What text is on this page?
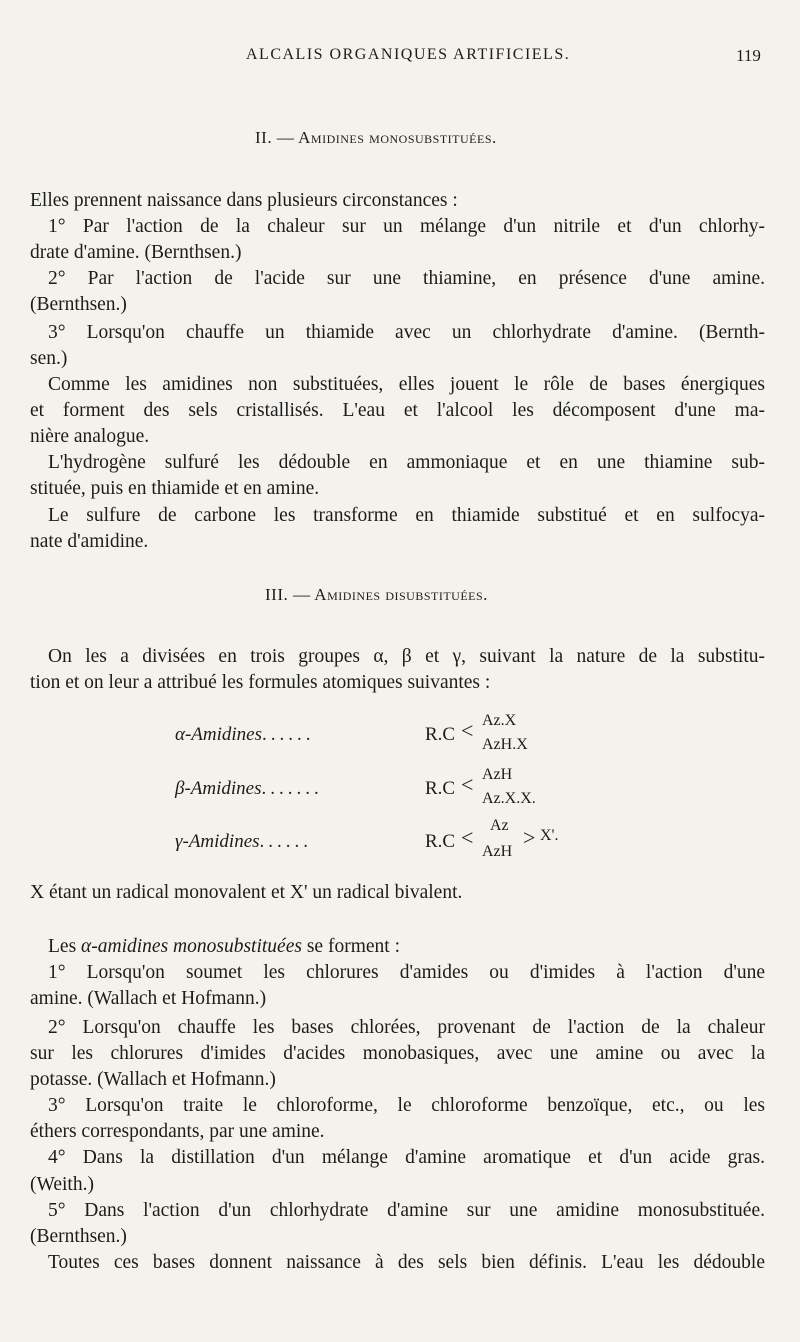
ALCALIS ORGANIQUES ARTIFICIELS.	119
II. — Amidines monosubstituées.
Elles prennent naissance dans plusieurs circonstances :
1° Par l'action de la chaleur sur un mélange d'un nitrile et d'un chlorhy-
drate d'amine. (Bernthsen.)
2° Par l'action de l'acide sur une thiamine, en présence d'une amine.
(Bernthsen.)
3° Lorsqu'on chauffe un thiamide avec un chlorhydrate d'amine. (Bernth-
sen.)
Comme les amidines non substituées, elles jouent le rôle de bases énergiques
et forment des sels cristallisés. L'eau et l'alcool les décomposent d'une ma-
nière analogue.
L'hydrogène sulfuré les dédouble en ammoniaque et en une thiamine sub-
stituée, puis en thiamide et en amine.
Le sulfure de carbone les transforme en thiamide substitué et en sulfocya-
nate d'amidine.
III. — Amidines disubstituées.
On les a divisées en trois groupes α, β et γ, suivant la nature de la substitu-
tion et on leur a attribué les formules atomiques suivantes :
α-Amidines......	R.C < Az.X
AzH.X
β-Amidines.......	R.C < AzH
Az.X.X.
γ-Amidines......	R.C < Az
AzH
> X'.
X étant un radical monovalent et X' un radical bivalent.
Les α-amidines monosubstituées se forment :
1° Lorsqu'on soumet les chlorures d'amides ou d'imides à l'action d'une
amine. (Wallach et Hofmann.)
2° Lorsqu'on chauffe les bases chlorées, provenant de l'action de la chaleur
sur les chlorures d'imides d'acides monobasiques, avec une amine ou avec la
potasse. (Wallach et Hofmann.)
3° Lorsqu'on traite le chloroforme, le chloroforme benzoïque, etc., ou les
éthers correspondants, par une amine.
4° Dans la distillation d'un mélange d'amine aromatique et d'un acide gras.
(Weith.)
5° Dans l'action d'un chlorhydrate d'amine sur une amidine monosubstituée.
(Bernthsen.)
Toutes ces bases donnent naissance à des sels bien définis. L'eau les dédouble
